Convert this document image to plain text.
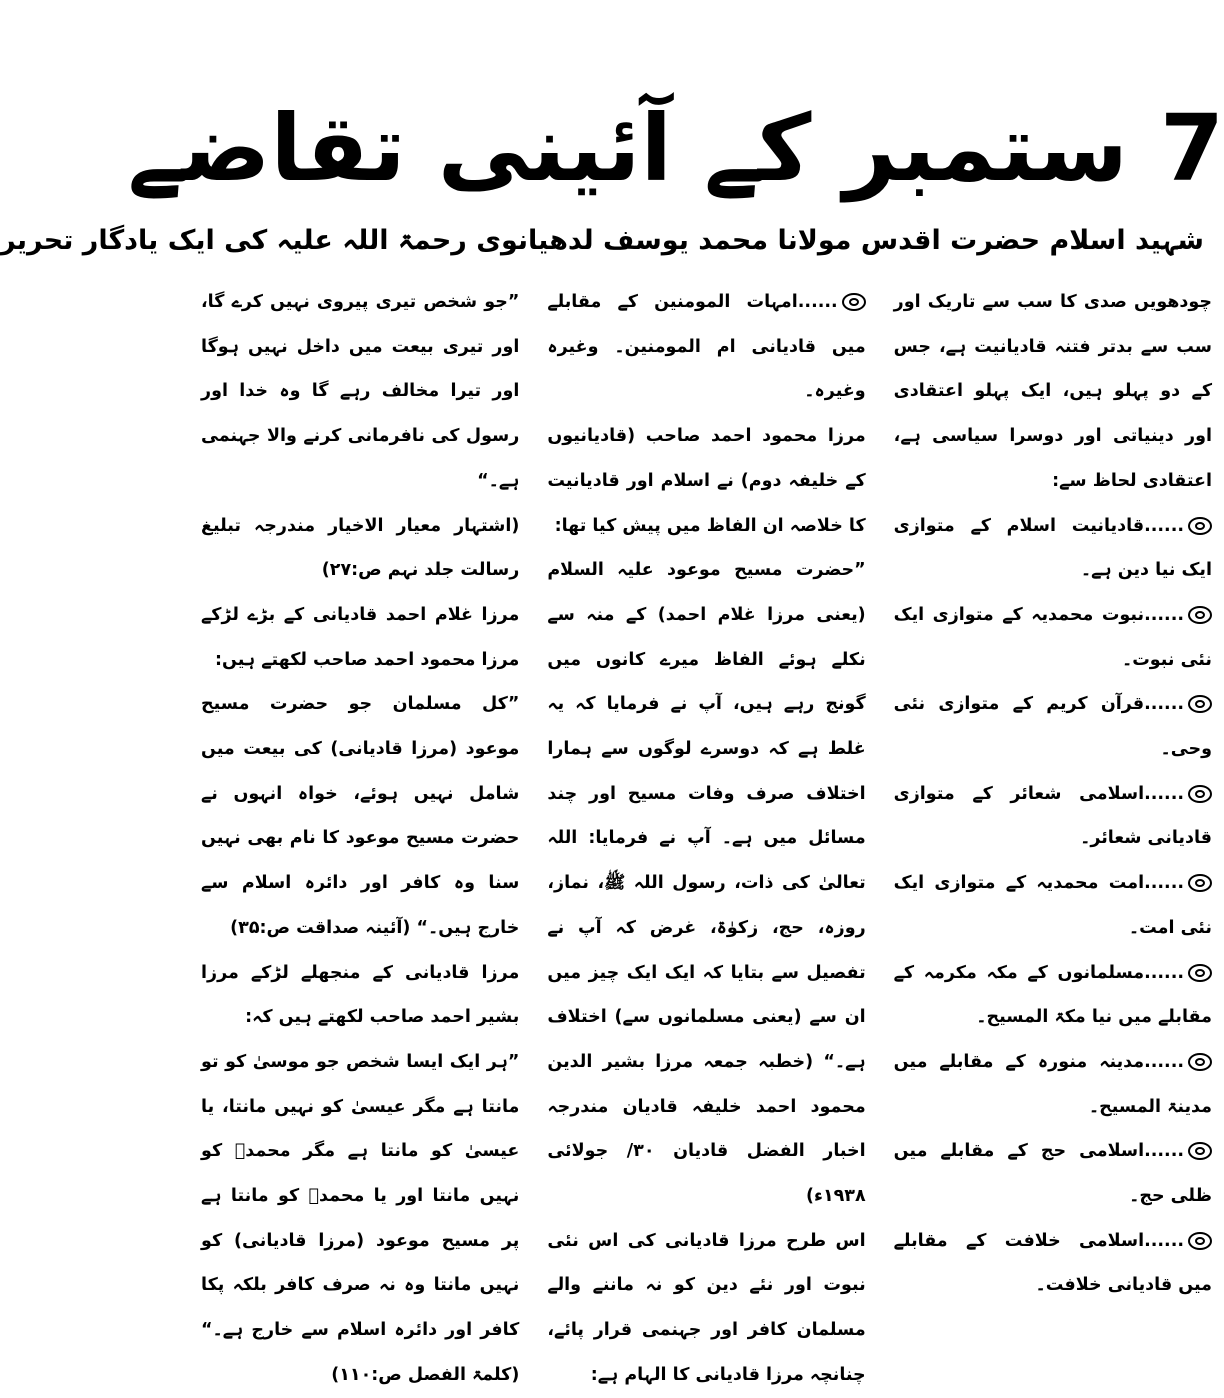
7 ستمبر کے آئینی تقاضے
شہید اسلام حضرت اقدس مولانا محمد یوسف لدھیانوی رحمۃ اللہ علیہ کی ایک یادگار تحریر

چودھویں صدی کا سب سے تاریک اور سب سے بدتر فتنہ قادیانیت ہے، جس کے دو پہلو ہیں، ایک پہلو اعتقادی اور دینیاتی اور دوسرا سیاسی ہے، اعتقادی لحاظ سے:

......قادیانیت اسلام کے متوازی ایک نیا دین ہے۔

......نبوت محمدیہ کے متوازی ایک نئی نبوت۔

......قرآن کریم کے متوازی نئی وحی۔

......اسلامی شعائر کے متوازی قادیانی شعائر۔

......امت محمدیہ کے متوازی ایک نئی امت۔

......مسلمانوں کے مکہ مکرمہ کے مقابلے میں نیا مکۃ المسیح۔

......مدینہ منورہ کے مقابلے میں مدینۃ المسیح۔

......اسلامی حج کے مقابلے میں ظلی حج۔

......اسلامی خلافت کے مقابلے میں قادیانی خلافت۔

......امہات المومنین کے مقابلے میں قادیانی ام المومنین۔ وغیرہ وغیرہ۔

مرزا محمود احمد صاحب (قادیانیوں کے خلیفہ دوم) نے اسلام اور قادیانیت کا خلاصہ ان الفاظ میں پیش کیا تھا:

”حضرت مسیح موعود علیہ السلام (یعنی مرزا غلام احمد) کے منہ سے نکلے ہوئے الفاظ میرے کانوں میں گونج رہے ہیں، آپ نے فرمایا کہ یہ غلط ہے کہ دوسرے لوگوں سے ہمارا اختلاف صرف وفات مسیح اور چند مسائل میں ہے۔ آپ نے فرمایا: اللہ تعالیٰ کی ذات، رسول اللہ ﷺ، نماز، روزہ، حج، زکوٰۃ، غرض کہ آپ نے تفصیل سے بتایا کہ ایک ایک چیز میں ان سے (یعنی مسلمانوں سے) اختلاف ہے۔“ (خطبہ جمعہ مرزا بشیر الدین محمود احمد خلیفہ قادیان مندرجہ اخبار الفضل قادیان ۳۰/ جولائی ۱۹۳۸ء)

اس طرح مرزا قادیانی کی اس نئی نبوت اور نئے دین کو نہ ماننے والے مسلمان کافر اور جہنمی قرار پائے، چنانچہ مرزا قادیانی کا الہام ہے:

”جو شخص تیری پیروی نہیں کرے گا، اور تیری بیعت میں داخل نہیں ہوگا اور تیرا مخالف رہے گا وہ خدا اور رسول کی نافرمانی کرنے والا جہنمی ہے۔“

(اشتہار معیار الاخیار مندرجہ تبلیغ رسالت جلد نہم ص:۲۷)

مرزا غلام احمد قادیانی کے بڑے لڑکے مرزا محمود احمد صاحب لکھتے ہیں:

”کل مسلمان جو حضرت مسیح موعود (مرزا قادیانی) کی بیعت میں شامل نہیں ہوئے، خواہ انہوں نے حضرت مسیح موعود کا نام بھی نہیں سنا وہ کافر اور دائرہ اسلام سے خارج ہیں۔“ (آئینہ صداقت ص:۳۵)

مرزا قادیانی کے منجھلے لڑکے مرزا بشیر احمد صاحب لکھتے ہیں کہ:

”ہر ایک ایسا شخص جو موسیٰ کو تو مانتا ہے مگر عیسیٰ کو نہیں مانتا، یا عیسیٰ کو مانتا ہے مگر محمدؐ کو نہیں مانتا اور یا محمدؐ کو مانتا ہے پر مسیح موعود (مرزا قادیانی) کو نہیں مانتا وہ نہ صرف کافر بلکہ پکا کافر اور دائرہ اسلام سے خارج ہے۔“ (کلمۃ الفصل ص:۱۱۰)
